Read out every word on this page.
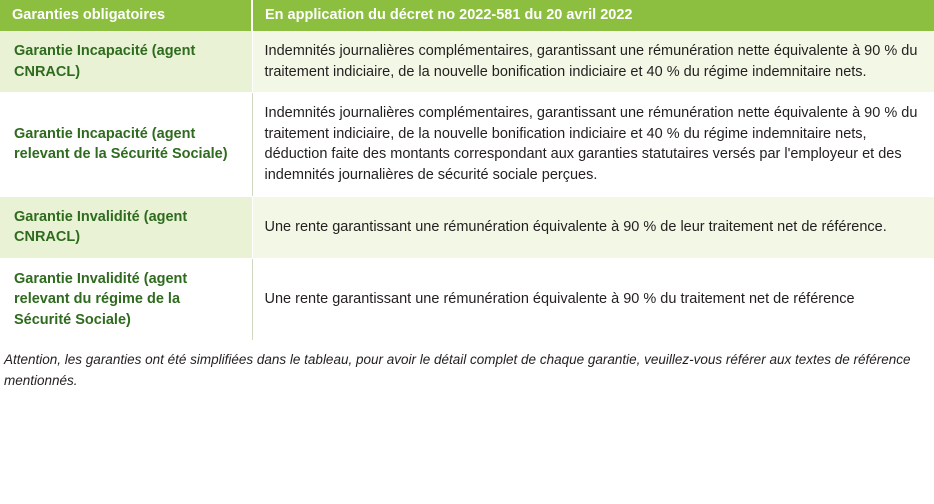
Garanties obligatoires	En application du décret no 2022-581 du 20 avril 2022
Garantie Incapacité (agent CNRACL)	Indemnités journalières complémentaires, garantissant une rémunération nette équivalente à 90 % du traitement indiciaire, de la nouvelle bonification indiciaire et 40 % du régime indemnitaire nets.
Garantie Incapacité (agent relevant de la Sécurité Sociale)	Indemnités journalières complémentaires, garantissant une rémunération nette équivalente à 90 % du traitement indiciaire, de la nouvelle bonification indiciaire et 40 % du régime indemnitaire nets, déduction faite des montants correspondant aux garanties statutaires versés par l'employeur et des indemnités journalières de sécurité sociale perçues.
Garantie Invalidité (agent CNRACL)	Une rente garantissant une rémunération équivalente à 90 % de leur traitement net de référence.
Garantie Invalidité (agent relevant du régime de la Sécurité Sociale)	Une rente garantissant une rémunération équivalente à 90 % du traitement net de référence
Attention, les garanties ont été simplifiées dans le tableau, pour avoir le détail complet de chaque garantie, veuillez-vous référer aux textes de référence mentionnés.
